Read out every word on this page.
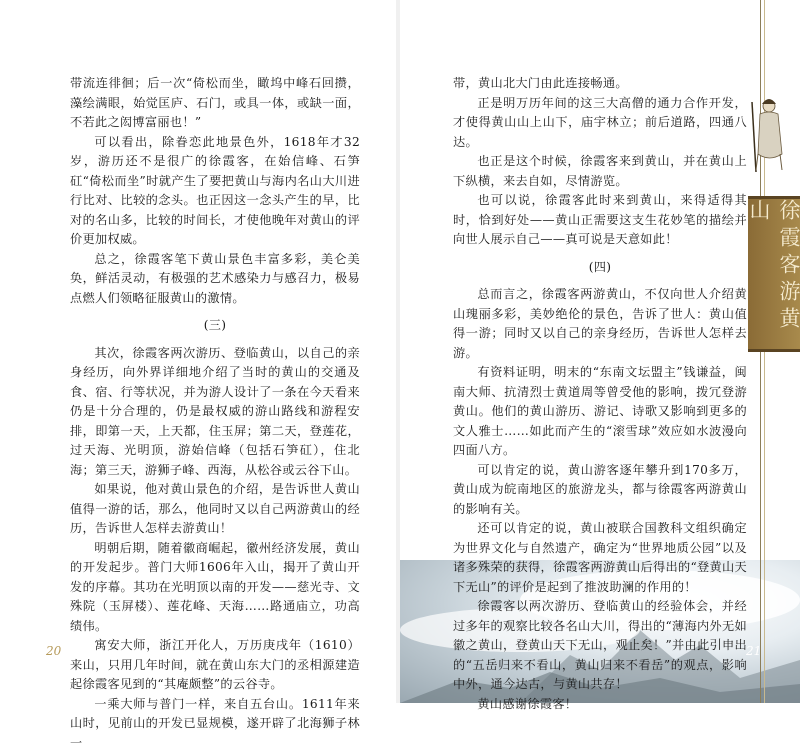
带流连徘徊；后一次“倚松而坐，瞰坞中峰石回攒，藻绘满眼，始觉匡庐、石门，或具一体，或缺一面，不若此之闳博富丽也！”

可以看出，除眷恋此地景色外，1618年才32岁，游历还不是很广的徐霞客，在始信峰、石笋矼“倚松而坐”时就产生了要把黄山与海内名山大川进行比对、比较的念头。也正因这一念头产生的早，比对的名山多，比较的时间长，才使他晚年对黄山的评价更加权威。

总之，徐霞客笔下黄山景色丰富多彩，美仑美奂，鲜活灵动，有极强的艺术感染力与感召力，极易点燃人们领略征服黄山的激情。

(三)

其次，徐霞客两次游历、登临黄山，以自己的亲身经历，向外界详细地介绍了当时的黄山的交通及食、宿、行等状况，并为游人设计了一条在今天看来仍是十分合理的，仍是最权威的游山路线和游程安排，即第一天，上天都，住玉屏；第二天，登莲花，过天海、光明顶，游始信峰（包括石笋矼），住北海；第三天，游狮子峰、西海，从松谷或云谷下山。

如果说，他对黄山景色的介绍，是告诉世人黄山值得一游的话，那么，他同时又以自己两游黄山的经历，告诉世人怎样去游黄山！

明朝后期，随着徽商崛起，徽州经济发展，黄山的开发起步。普门大师1606年入山，揭开了黄山开发的序幕。其功在光明顶以南的开发——慈光寺、文殊院（玉屏楼）、莲花峰、天海……路通庙立，功高绩伟。

寓安大师，浙江开化人，万历庚戌年（1610）来山，只用几年时间，就在黄山东大门的丞相源建造起徐霞客见到的“其庵颇整”的云谷寺。

一乘大师与普门一样，来自五台山。1611年来山时，见前山的开发已显规模，遂开辟了北海狮子林一

20
徐霞客游黄山

带，黄山北大门由此连接畅通。

正是明万历年间的这三大高僧的通力合作开发，才使得黄山山上山下，庙宇林立；前后道路，四通八达。

也正是这个时候，徐霞客来到黄山，并在黄山上下纵横，来去自如，尽情游览。

也可以说，徐霞客此时来到黄山，来得适得其时，恰到好处——黄山正需要这支生花妙笔的描绘并向世人展示自己——真可说是天意如此！

(四)

总而言之，徐霞客两游黄山，不仅向世人介绍黄山瑰丽多彩，美妙绝伦的景色，告诉了世人：黄山值得一游；同时又以自己的亲身经历，告诉世人怎样去游。

有资料证明，明末的“东南文坛盟主”钱谦益，闽南大师、抗清烈士黄道周等曾受他的影响，拨冗登游黄山。他们的黄山游历、游记、诗歌又影响到更多的文人雅士……如此而产生的“滚雪球”效应如水波漫向四面八方。

可以肯定的说，黄山游客逐年攀升到170多万，黄山成为皖南地区的旅游龙头，都与徐霞客两游黄山的影响有关。

还可以肯定的说，黄山被联合国教科文组织确定为世界文化与自然遗产，确定为“世界地质公园”以及诸多殊荣的获得，徐霞客两游黄山后得出的“登黄山天下无山”的评价是起到了推波助澜的作用的！

徐霞客以两次游历、登临黄山的经验体会，并经过多年的观察比较各名山大川，得出的“薄海内外无如徽之黄山，登黄山天下无山，观止矣！”并由此引申出的“五岳归来不看山，黄山归来不看岳”的观点，影响中外，通今达古，与黄山共存！

黄山感谢徐霞客！

21
